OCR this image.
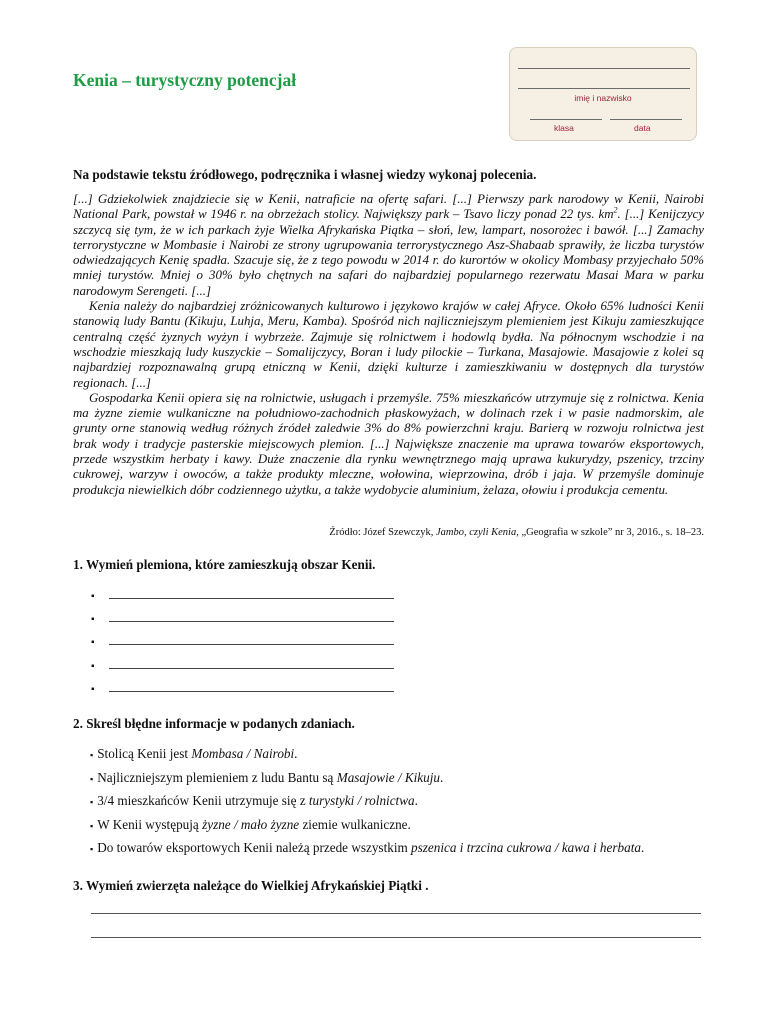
Kenia – turystyczny potencjał
imię i nazwisko
klasa	data
Na podstawie tekstu źródłowego, podręcznika i własnej wiedzy wykonaj polecenia.

[...] Gdziekolwiek znajdziecie się w Kenii, natraficie na ofertę safari. [...] Pierwszy park narodowy w Kenii, Nairobi National Park, powstał w 1946 r. na obrzeżach stolicy. Największy park – Tsavo liczy ponad 22 tys. $km^2$. [...] Kenijczycy szczycą się tym, że w ich parkach żyje Wielka Afrykańska Piątka – słoń, lew, lampart, nosorożec i bawół. [...] Zamachy terrorystyczne w Mombasie i Nairobi ze strony ugrupowania terrorystycznego Asz-Shabaab sprawiły, że liczba turystów odwiedzających Kenię spadła. Szacuje się, że z tego powodu w 2014 r. do kurortów w okolicy Mombasy przyjechało 50% mniej turystów. Mniej o 30% było chętnych na safari do najbardziej popularnego rezerwatu Masai Mara w parku narodowym Serengeti. [...]

Kenia należy do najbardziej zróżnicowanych kulturowo i językowo krajów w całej Afryce. Około 65% ludności Kenii stanowią ludy Bantu (Kikuju, Luhja, Meru, Kamba). Spośród nich najliczniejszym plemieniem jest Kikuju zamieszkujące centralną część żyznych wyżyn i wybrzeże. Zajmuje się rolnictwem i hodowlą bydła. Na północnym wschodzie i na wschodzie mieszkają ludy kuszyckie – Somalijczycy, Boran i ludy pilockie – Turkana, Masajowie. Masajowie z kolei są najbardziej rozpoznawalną grupą etniczną w Kenii, dzięki kulturze i zamieszkiwaniu w dostępnych dla turystów regionach. [...]

Gospodarka Kenii opiera się na rolnictwie, usługach i przemyśle. 75% mieszkańców utrzymuje się z rolnictwa. Kenia ma żyzne ziemie wulkaniczne na południowo-zachodnich płaskowyżach, w dolinach rzek i w pasie nadmorskim, ale grunty orne stanowią według różnych źródeł zaledwie 3% do 8% powierzchni kraju. Barierą w rozwoju rolnictwa jest brak wody i tradycje pasterskie miejscowych plemion. [...] Największe znaczenie ma uprawa towarów eksportowych, przede wszystkim herbaty i kawy. Duże znaczenie dla rynku wewnętrznego mają uprawa kukurydzy, pszenicy, trzciny cukrowej, warzyw i owoców, a także produkty mleczne, wołowina, wieprzowina, drób i jaja. W przemyśle dominuje produkcja niewielkich dóbr codziennego użytku, a także wydobycie aluminium, żelaza, ołowiu i produkcja cementu.

Źródło: Józef Szewczyk, Jambo, czyli Kenia, „Geografia w szkole” nr 3, 2016., s. 18–23.
1. Wymień plemiona, które zamieszkują obszar Kenii.
▪
▪
▪
▪
▪
2. Skreśl błędne informacje w podanych zdaniach.
▪ Stolicą Kenii jest Mombasa / Nairobi.
▪ Najliczniejszym plemieniem z ludu Bantu są Masajowie / Kikuju.
▪ 3/4 mieszkańców Kenii utrzymuje się z turystyki / rolnictwa.
▪ W Kenii występują żyzne / mało żyzne ziemie wulkaniczne.
▪ Do towarów eksportowych Kenii należą przede wszystkim pszenica i trzcina cukrowa / kawa i herbata.
3. Wymień zwierzęta należące do Wielkiej Afrykańskiej Piątki .
